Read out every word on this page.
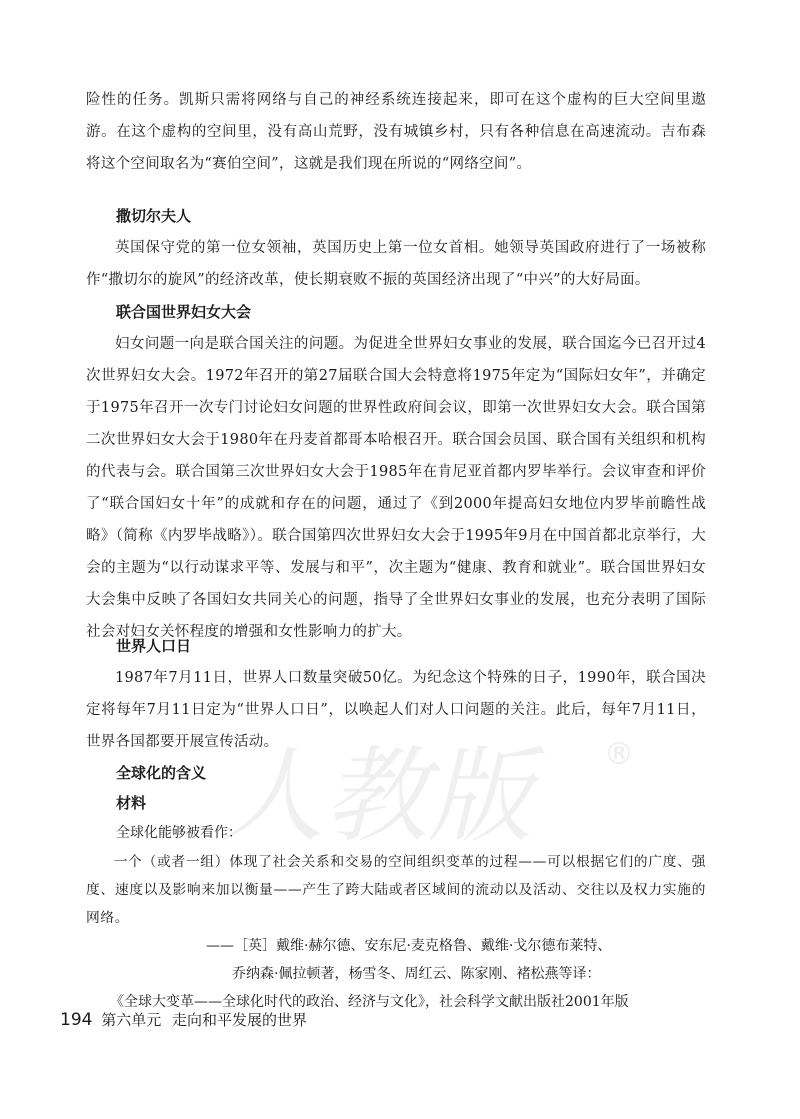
险性的任务。凯斯只需将网络与自己的神经系统连接起来，即可在这个虚构的巨大空间里遨游。在这个虚构的空间里，没有高山荒野，没有城镇乡村，只有各种信息在高速流动。吉布森将这个空间取名为“赛伯空间”，这就是我们现在所说的“网络空间”。

撒切尔夫人

英国保守党的第一位女领袖，英国历史上第一位女首相。她领导英国政府进行了一场被称作“撒切尔的旋风”的经济改革，使长期衰败不振的英国经济出现了“中兴”的大好局面。

联合国世界妇女大会

妇女问题一向是联合国关注的问题。为促进全世界妇女事业的发展，联合国迄今已召开过4次世界妇女大会。1972年召开的第27届联合国大会特意将1975年定为“国际妇女年”，并确定于1975年召开一次专门讨论妇女问题的世界性政府间会议，即第一次世界妇女大会。联合国第二次世界妇女大会于1980年在丹麦首都哥本哈根召开。联合国会员国、联合国有关组织和机构的代表与会。联合国第三次世界妇女大会于1985年在肯尼亚首都内罗毕举行。会议审查和评价了“联合国妇女十年”的成就和存在的问题，通过了《到2000年提高妇女地位内罗毕前瞻性战略》（简称《内罗毕战略》）。联合国第四次世界妇女大会于1995年9月在中国首都北京举行，大会的主题为“以行动谋求平等、发展与和平”，次主题为“健康、教育和就业”。联合国世界妇女大会集中反映了各国妇女共同关心的问题，指导了全世界妇女事业的发展，也充分表明了国际社会对妇女关怀程度的增强和女性影响力的扩大。

世界人口日

1987年7月11日，世界人口数量突破50亿。为纪念这个特殊的日子，1990年，联合国决定将每年7月11日定为“世界人口日”，以唤起人们对人口问题的关注。此后，每年7月11日，世界各国都要开展宣传活动。

全球化的含义
材料

全球化能够被看作：

一个（或者一组）体现了社会关系和交易的空间组织变革的过程——可以根据它们的广度、强度、速度以及影响来加以衡量——产生了跨大陆或者区域间的流动以及活动、交往以及权力实施的网络。

——［英］戴维·赫尔德、安东尼·麦克格鲁、戴维·戈尔德布莱特、

乔纳森·佩拉顿著，杨雪冬、周红云、陈家刚、褚松燕等译：

《全球大变革——全球化时代的政治、经济与文化》，社会科学文献出版社2001年版

人教版	®
194 第六单元 走向和平发展的世界
